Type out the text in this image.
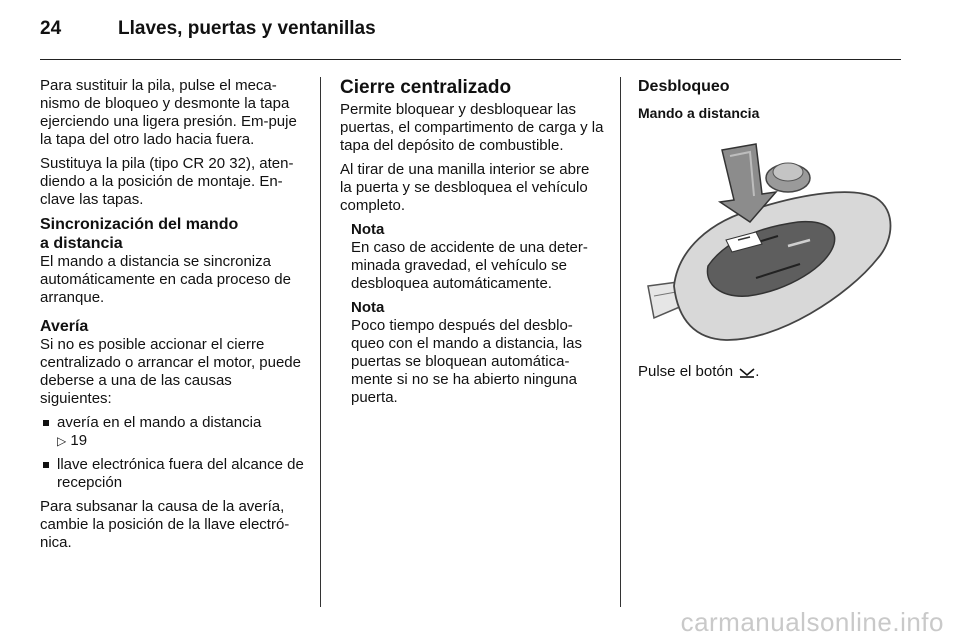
24	Llaves, puertas y ventanillas

Para sustituir la pila, pulse el meca-nismo de bloqueo y desmonte la tapa ejerciendo una ligera presión. Em-puje la tapa del otro lado hacia fuera.

Sustituya la pila (tipo CR 20 32), aten-diendo a la posición de montaje. En-clave las tapas.

Sincronización del mando
a distancia

El mando a distancia se sincroniza automáticamente en cada proceso de arranque.

Avería

Si no es posible accionar el cierre centralizado o arrancar el motor, puede deberse a una de las causas siguientes:

avería en el mando a distancia
▷ 19
llave electrónica fuera del alcance de recepción

Para subsanar la causa de la avería, cambie la posición de la llave electró-nica.

Cierre centralizado

Permite bloquear y desbloquear las puertas, el compartimento de carga y la tapa del depósito de combustible.

Al tirar de una manilla interior se abre la puerta y se desbloquea el vehículo completo.

Nota
En caso de accidente de una deter-minada gravedad, el vehículo se desbloquea automáticamente.
Nota
Poco tiempo después del desblo-queo con el mando a distancia, las puertas se bloquean automática-mente si no se ha abierto ninguna puerta.
Desbloqueo
Mando a distancia

Pulse el botón .

carmanualsonline.info
